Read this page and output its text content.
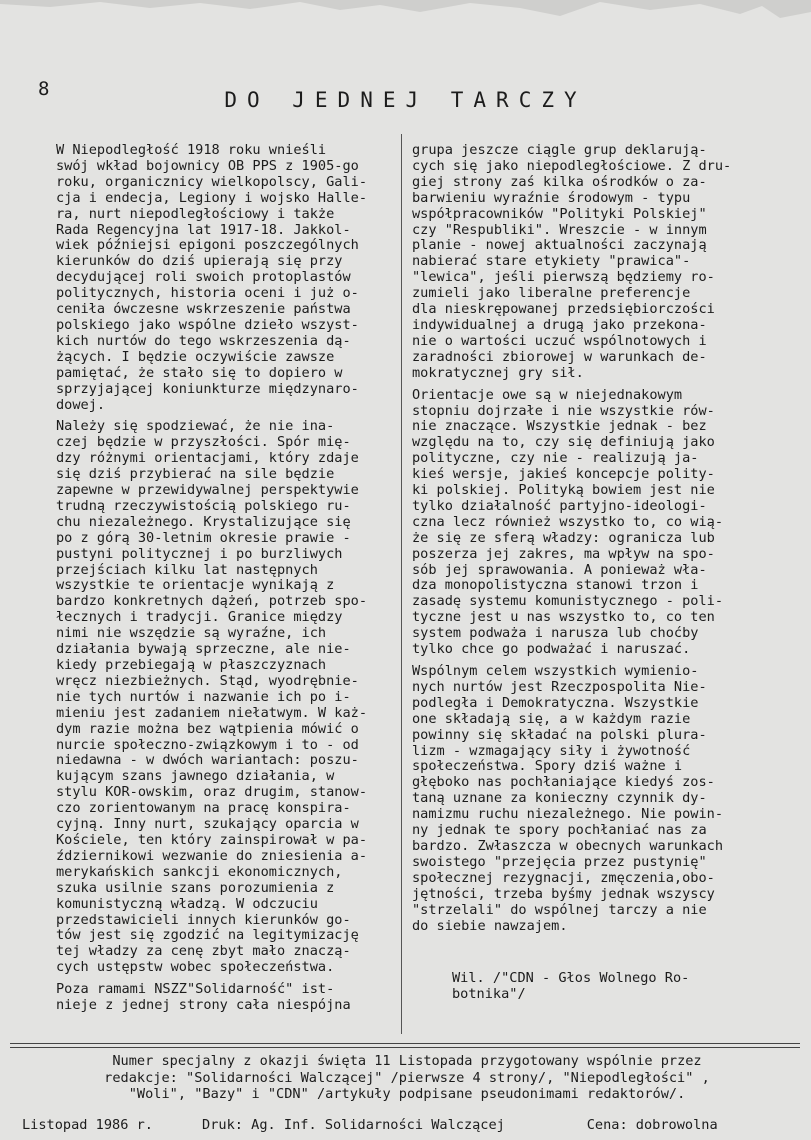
8	DO JEDNEJ TARCZY

W Niepodległość 1918 roku wnieśli
swój wkład bojownicy OB PPS z 1905-go
roku, organicznicy wielkopolscy, Gali-
cja i endecja, Legiony i wojsko Halle-
ra, nurt niepodległościowy i także
Rada Regencyjna lat 1917-18. Jakkol-
wiek późniejsi epigoni poszczególnych
kierunków do dziś upierają się przy
decydującej roli swoich protoplastów
politycznych, historia oceni i już o-
ceniła ówczesne wskrzeszenie państwa
polskiego jako wspólne dzieło wszyst-
kich nurtów do tego wskrzeszenia dą-
żących. I będzie oczywiście zawsze
pamiętać, że stało się to dopiero w
sprzyjającej koniunkturze międzynaro-
dowej.

Należy się spodziewać, że nie ina-
czej będzie w przyszłości. Spór mię-
dzy różnymi orientacjami, który zdaje
się dziś przybierać na sile będzie
zapewne w przewidywalnej perspektywie
trudną rzeczywistością polskiego ru-
chu niezależnego. Krystalizujące się
po z górą 30-letnim okresie prawie -
pustyni politycznej i po burzliwych
przejściach kilku lat następnych
wszystkie te orientacje wynikają z
bardzo konkretnych dążeń, potrzeb spo-
łecznych i tradycji. Granice między
nimi nie wszędzie są wyraźne, ich
działania bywają sprzeczne, ale nie-
kiedy przebiegają w płaszczyznach
wręcz niezbieżnych. Stąd, wyodrębnie-
nie tych nurtów i nazwanie ich po i-
mieniu jest zadaniem niełatwym. W każ-
dym razie można bez wątpienia mówić o
nurcie społeczno-związkowym i to - od
niedawna - w dwóch wariantach: poszu-
kującym szans jawnego działania, w
stylu KOR-owskim, oraz drugim, stanow-
czo zorientowanym na pracę konspira-
cyjną. Inny nurt, szukający oparcia w
Kościele, ten który zainspirował w pa-
ździernikowi wezwanie do zniesienia a-
merykańskich sankcji ekonomicznych,
szuka usilnie szans porozumienia z
komunistyczną władzą. W odczuciu
przedstawicieli innych kierunków go-
tów jest się zgodzić na legitymizację
tej władzy za cenę zbyt mało znaczą-
cych ustępstw wobec społeczeństwa.

Poza ramami NSZZ"Solidarność" ist-
nieje z jednej strony cała niespójna

grupa jeszcze ciągle grup deklarują-
cych się jako niepodległościowe. Z dru-
giej strony zaś kilka ośrodków o za-
barwieniu wyraźnie środowym - typu
współpracowników "Polityki Polskiej"
czy "Respubliki". Wreszcie - w innym
planie - nowej aktualności zaczynają
nabierać stare etykiety "prawica"-
"lewica", jeśli pierwszą będziemy ro-
zumieli jako liberalne preferencje
dla nieskrępowanej przedsiębiorczości
indywidualnej a drugą jako przekona-
nie o wartości uczuć wspólnotowych i
zaradności zbiorowej w warunkach de-
mokratycznej gry sił.

Orientacje owe są w niejednakowym
stopniu dojrzałe i nie wszystkie rów-
nie znaczące. Wszystkie jednak - bez
względu na to, czy się definiują jako
polityczne, czy nie - realizują ja-
kieś wersje, jakieś koncepcje polity-
ki polskiej. Polityką bowiem jest nie
tylko działalność partyjno-ideologi-
czna lecz również wszystko to, co wią-
że się ze sferą władzy: ogranicza lub
poszerza jej zakres, ma wpływ na spo-
sób jej sprawowania. A ponieważ wła-
dza monopolistyczna stanowi trzon i
zasadę systemu komunistycznego - poli-
tyczne jest u nas wszystko to, co ten
system podważa i narusza lub choćby
tylko chce go podważać i naruszać.

Wspólnym celem wszystkich wymienio-
nych nurtów jest Rzeczpospolita Nie-
podległa i Demokratyczna. Wszystkie
one składają się, a w każdym razie
powinny się składać na polski plura-
lizm - wzmagający siły i żywotność
społeczeństwa. Spory dziś ważne i
głęboko nas pochłaniające kiedyś zos-
taną uznane za konieczny czynnik dy-
namizmu ruchu niezależnego. Nie powin-
ny jednak te spory pochłaniać nas za
bardzo. Zwłaszcza w obecnych warunkach
swoistego "przejęcia przez pustynię"
społecznej rezygnacji, zmęczenia,obo-
jętności, trzeba byśmy jednak wszyscy
"strzelali" do wspólnej tarczy a nie
do siebie nawzajem.

Wil. /"CDN - Głos Wolnego Ro-
botnika"/
Numer specjalny z okazji święta 11 Listopada przygotowany wspólnie przez
redakcje: "Solidarności Walczącej" /pierwsze 4 strony/, "Niepodległości" ,
"Woli", "Bazy" i "CDN" /artykuły podpisane pseudonimami redaktorów/.
Listopad 1986 r.      Druk: Ag. Inf. Solidarności Walczącej          Cena: dobrowolna
